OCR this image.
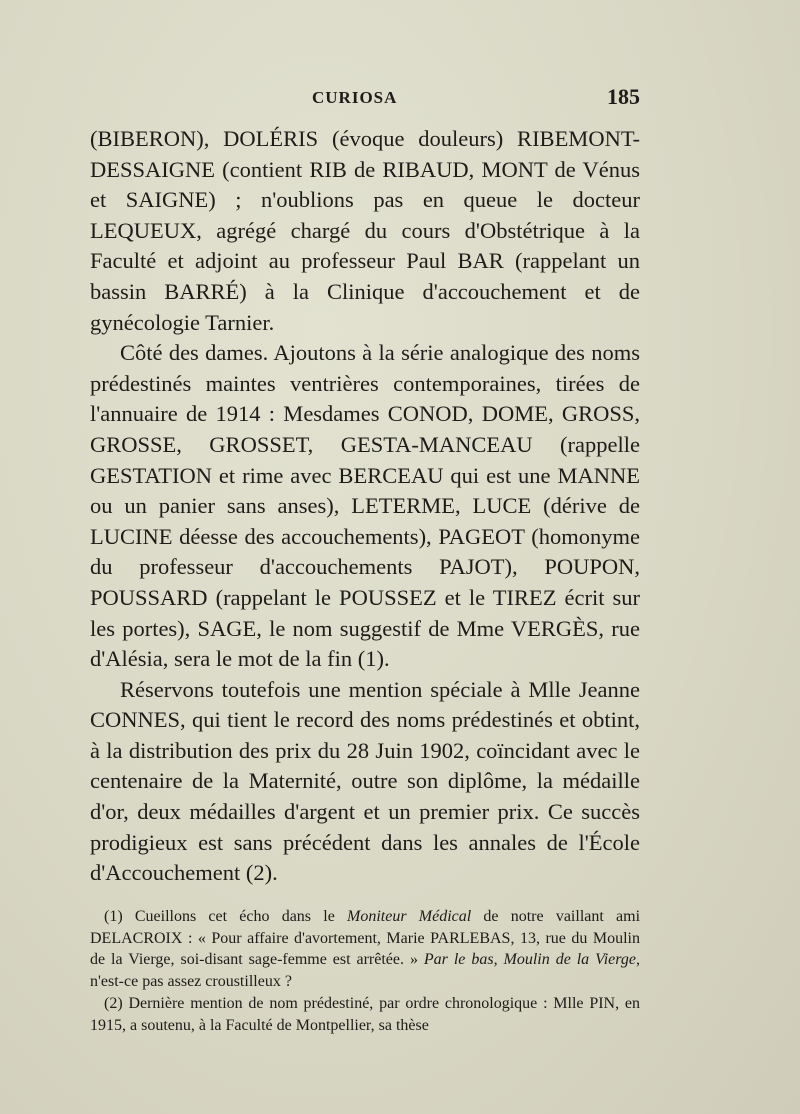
CURIOSA	185

(BIBERON), DOLÉRIS (évoque douleurs) RIBEMONT-DESSAIGNE (contient RIB de RIBAUD, MONT de Vénus et SAIGNE) ; n'oublions pas en queue le docteur LEQUEUX, agrégé chargé du cours d'Obstétrique à la Faculté et adjoint au professeur Paul BAR (rappelant un bassin BARRÉ) à la Clinique d'accouchement et de gynécologie Tarnier.

Côté des dames. Ajoutons à la série analogique des noms prédestinés maintes ventrières contemporaines, tirées de l'annuaire de 1914 : Mesdames CONOD, DOME, GROSS, GROSSE, GROSSET, GESTA-MANCEAU (rappelle GESTATION et rime avec BERCEAU qui est une MANNE ou un panier sans anses), LETERME, LUCE (dérive de LUCINE déesse des accouchements), PAGEOT (homonyme du professeur d'accouchements PAJOT), POUPON, POUSSARD (rappelant le POUSSEZ et le TIREZ écrit sur les portes), SAGE, le nom suggestif de Mme VERGÈS, rue d'Alésia, sera le mot de la fin (1).

Réservons toutefois une mention spéciale à Mlle Jeanne CONNES, qui tient le record des noms prédestinés et obtint, à la distribution des prix du 28 Juin 1902, coïncidant avec le centenaire de la Maternité, outre son diplôme, la médaille d'or, deux médailles d'argent et un premier prix. Ce succès prodigieux est sans précédent dans les annales de l'École d'Accouchement (2).

(1) Cueillons cet écho dans le Moniteur Médical de notre vaillant ami DELACROIX : « Pour affaire d'avortement, Marie PARLEBAS, 13, rue du Moulin de la Vierge, soi-disant sage-femme est arrêtée. » Par le bas, Moulin de la Vierge, n'est-ce pas assez croustilleux ?

(2) Dernière mention de nom prédestiné, par ordre chronologique : Mlle PIN, en 1915, a soutenu, à la Faculté de Montpellier, sa thèse
